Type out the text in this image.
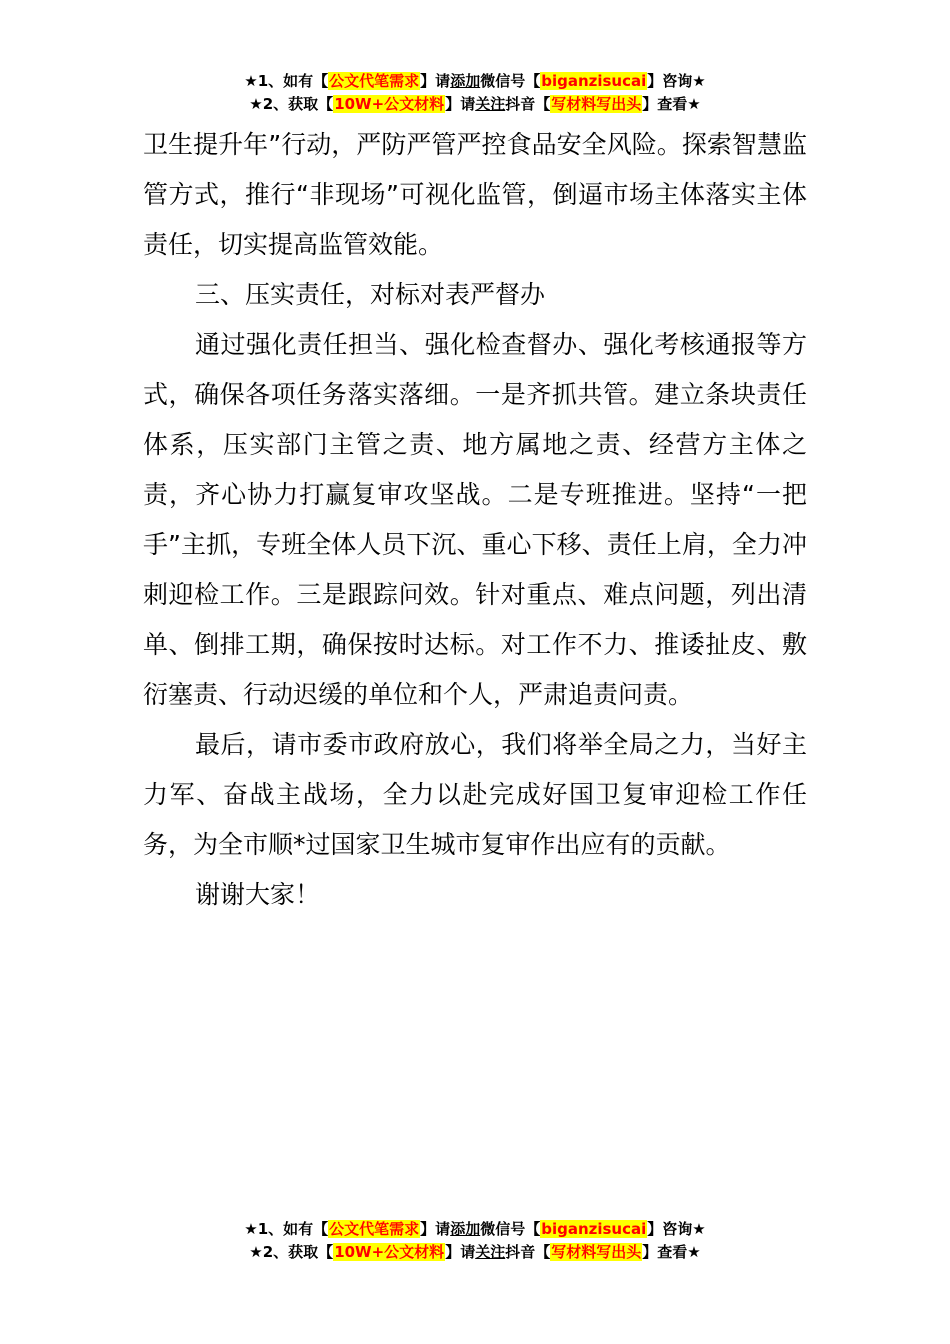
★1、如有【公文代笔需求】请添加微信号【biganzisucai】咨询★
★2、获取【10W+公文材料】请关注抖音【写材料写出头】查看★

卫生提升年”行动，严防严管严控食品安全风险。探索智慧监管方式，推行“非现场”可视化监管，倒逼市场主体落实主体责任，切实提高监管效能。

三、压实责任，对标对表严督办

通过强化责任担当、强化检查督办、强化考核通报等方式，确保各项任务落实落细。一是齐抓共管。建立条块责任体系，压实部门主管之责、地方属地之责、经营方主体之责，齐心协力打赢复审攻坚战。二是专班推进。坚持“一把手”主抓，专班全体人员下沉、重心下移、责任上肩，全力冲刺迎检工作。三是跟踪问效。针对重点、难点问题，列出清单、倒排工期，确保按时达标。对工作不力、推诿扯皮、敷衍塞责、行动迟缓的单位和个人，严肃追责问责。

最后，请市委市政府放心，我们将举全局之力，当好主力军、奋战主战场，全力以赴完成好国卫复审迎检工作任务，为全市顺*过国家卫生城市复审作出应有的贡献。

谢谢大家！

★1、如有【公文代笔需求】请添加微信号【biganzisucai】咨询★
★2、获取【10W+公文材料】请关注抖音【写材料写出头】查看★
